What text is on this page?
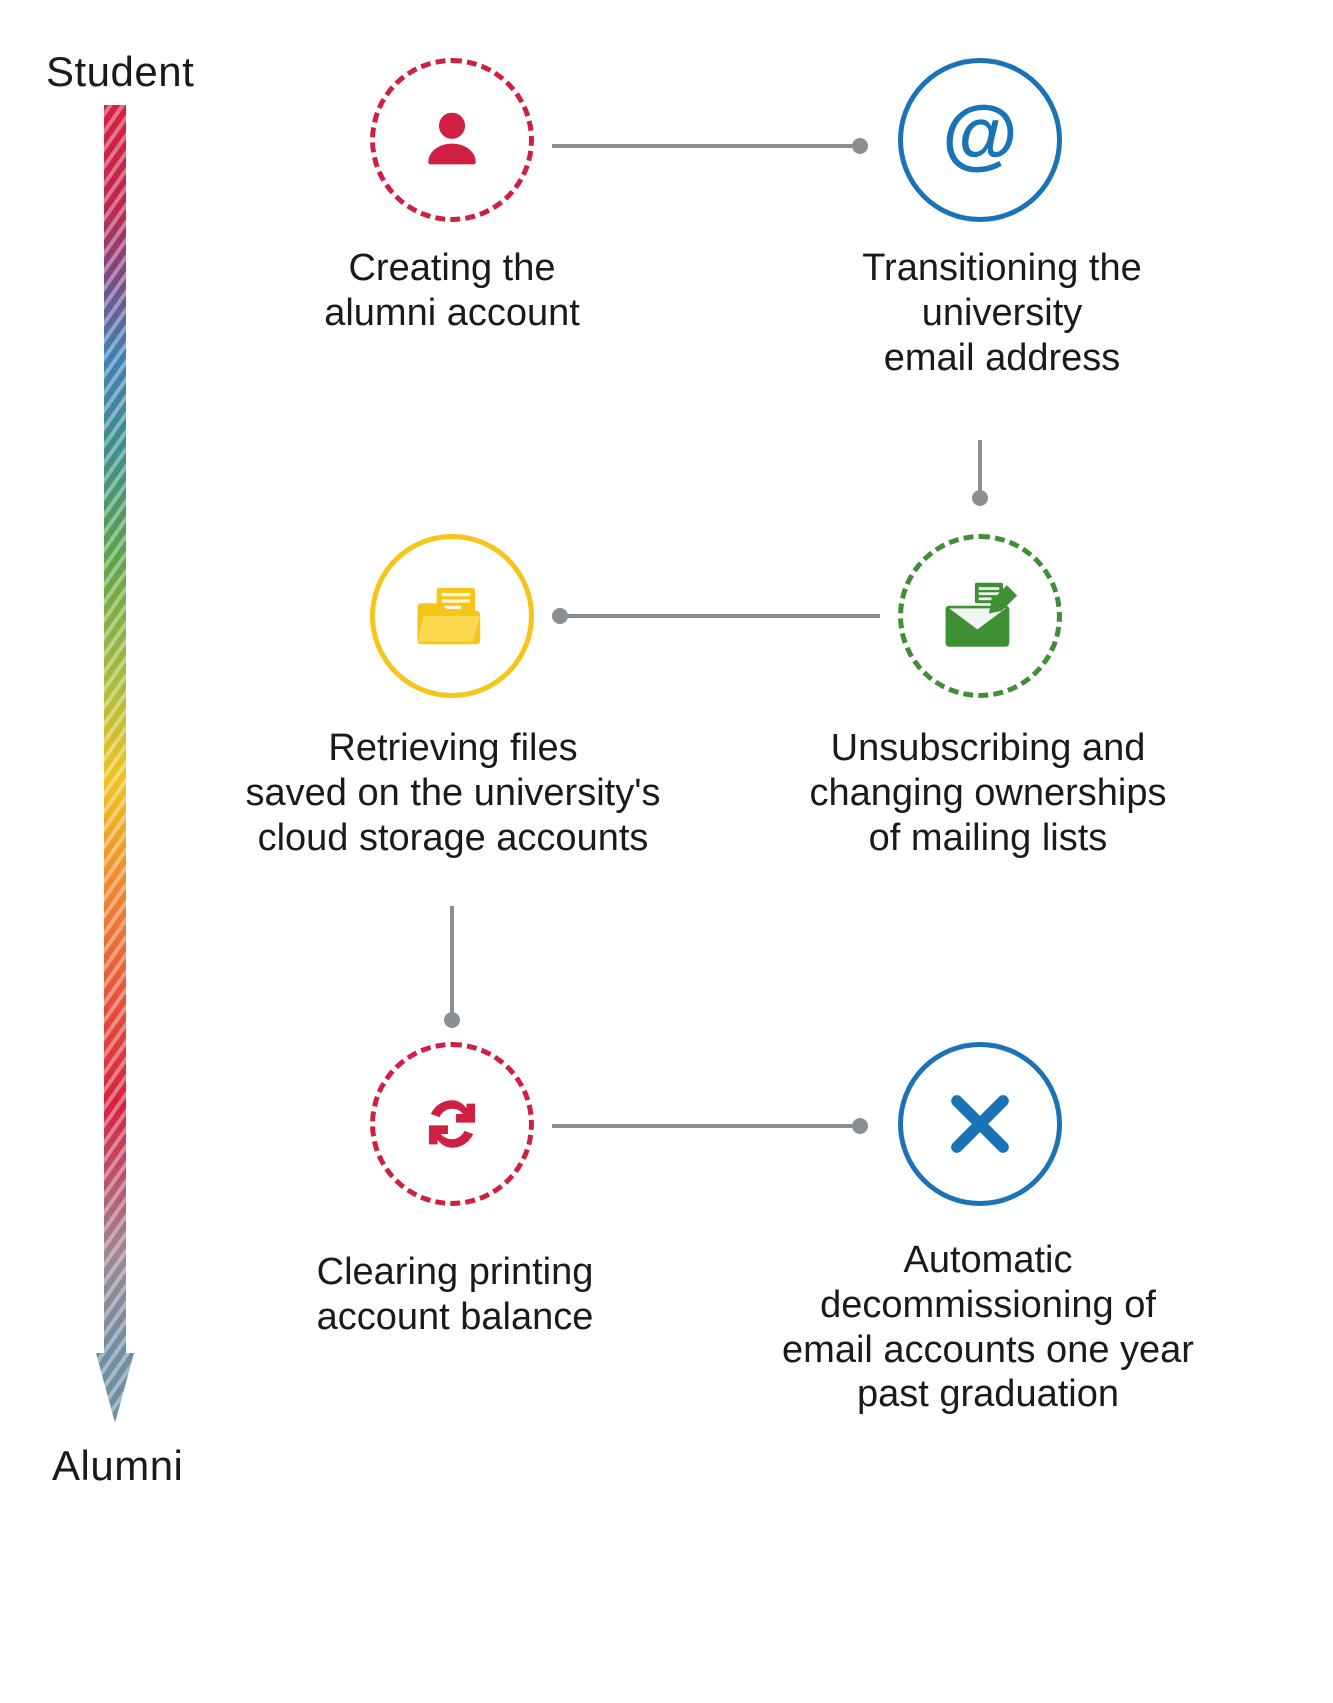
Student
Alumni
Creating the
alumni account
@
Transitioning the
university
email address
Retrieving files
saved on the university's
cloud storage accounts
Unsubscribing and
changing ownerships
of mailing lists
Clearing printing
account balance
Automatic
decommissioning of
email accounts one year
past graduation
